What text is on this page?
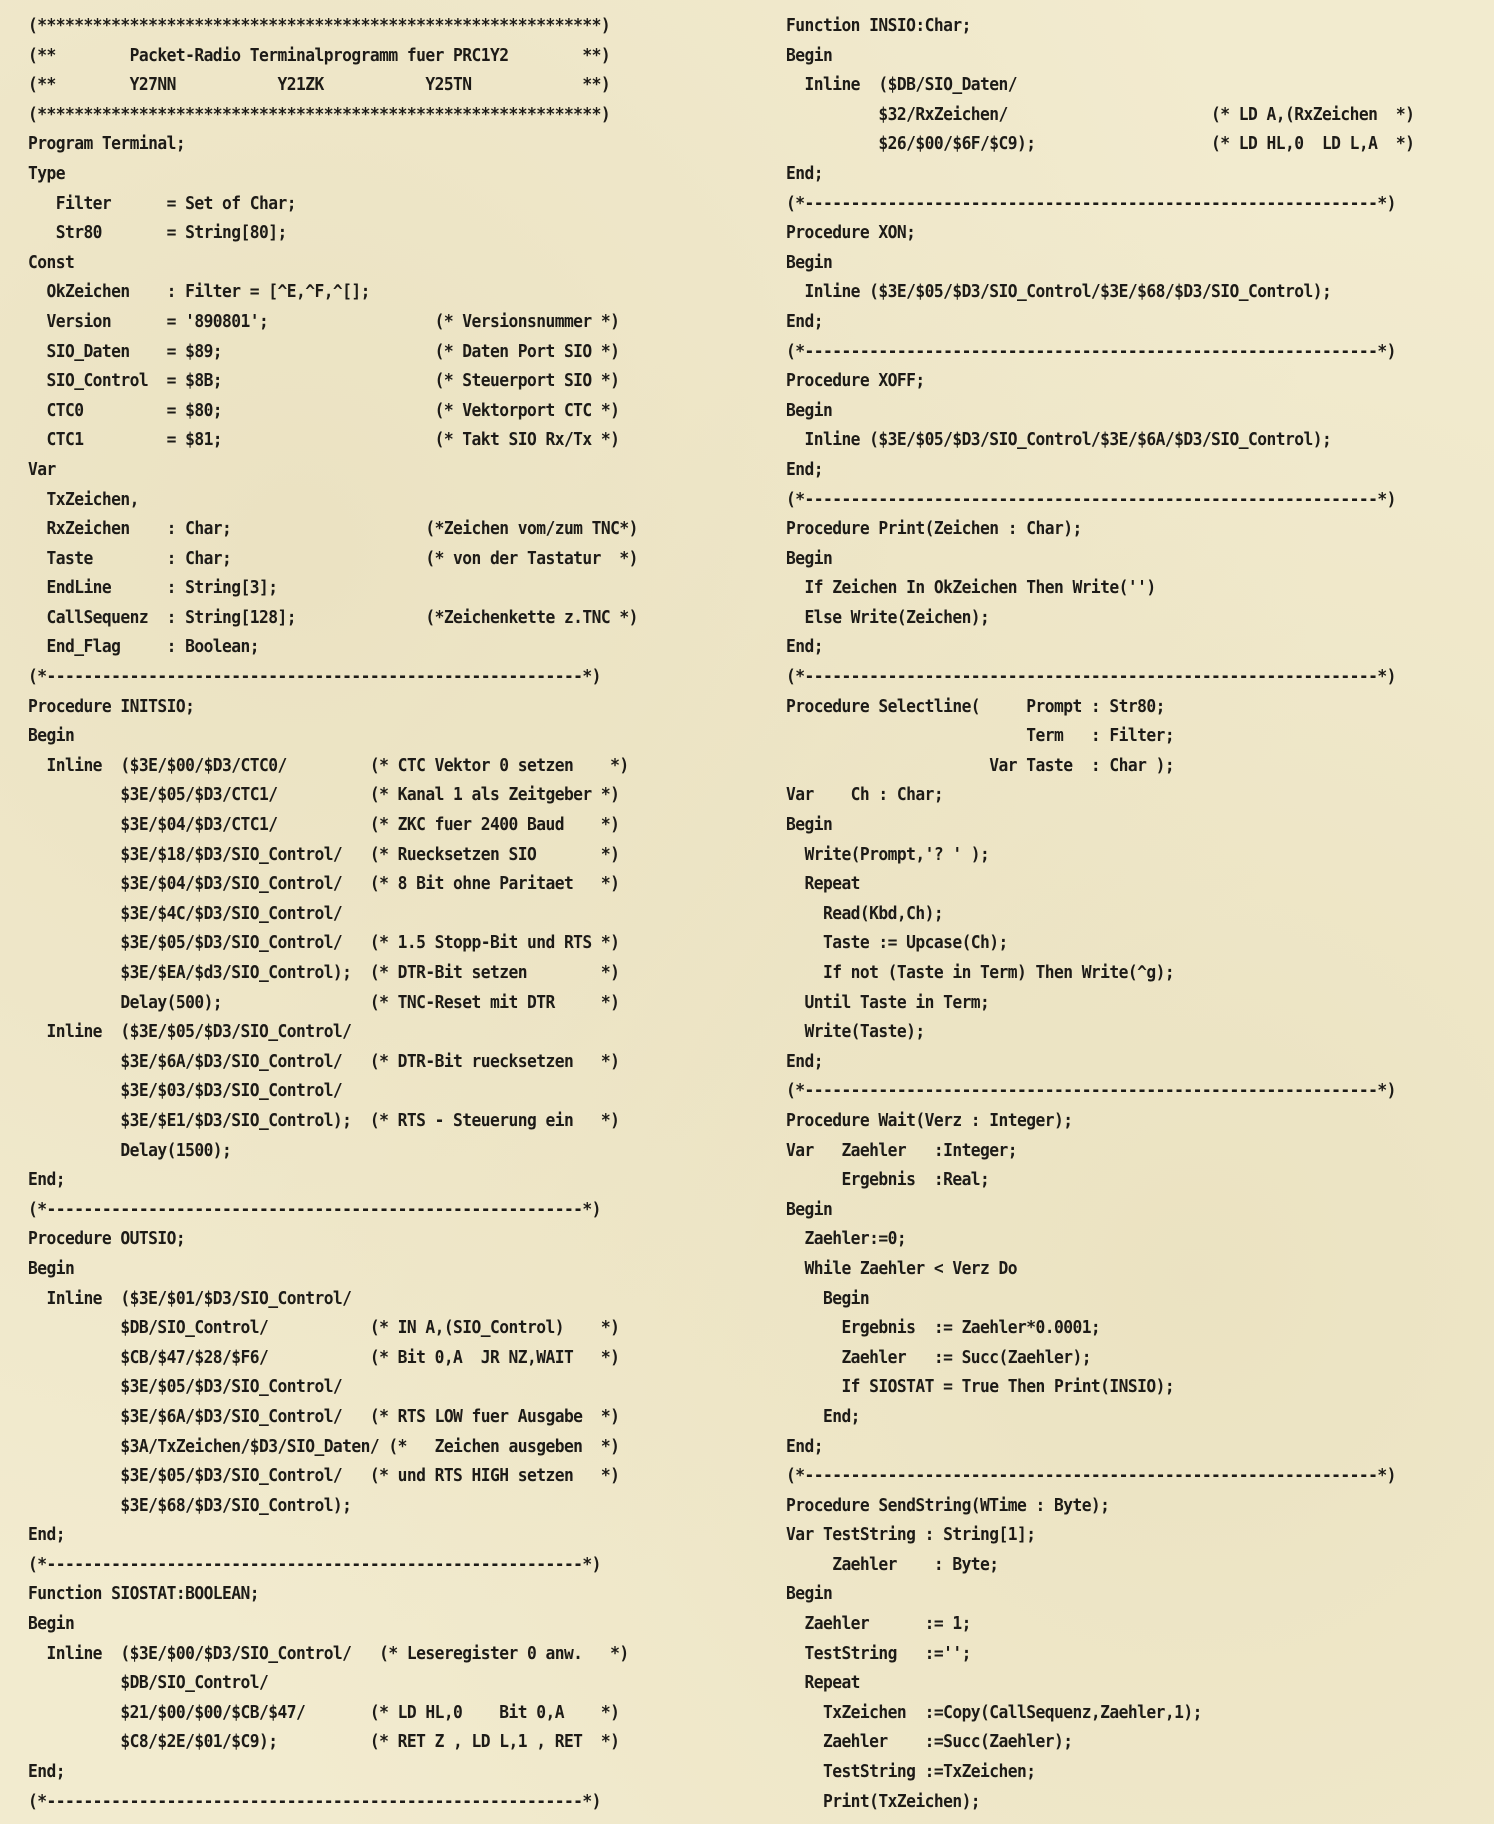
(*************************************************************)
(**        Packet-Radio Terminalprogramm fuer PRC1Y2        **)
(**        Y27NN           Y21ZK           Y25TN            **)
(*************************************************************)
Program Terminal;
Type
Filter      = Set of Char;
Str80       = String[80];
Const
OkZeichen    : Filter = [^E,^F,^[];
Version      = '890801';                  (* Versionsnummer *)
SIO_Daten    = $89;                       (* Daten Port SIO *)
SIO_Control  = $8B;                       (* Steuerport SIO *)
CTC0         = $80;                       (* Vektorport CTC *)
CTC1         = $81;                       (* Takt SIO Rx/Tx *)
Var
TxZeichen,
RxZeichen    : Char;                     (*Zeichen vom/zum TNC*)
Taste        : Char;                     (* von der Tastatur  *)
EndLine      : String[3];
CallSequenz  : String[128];              (*Zeichenkette z.TNC *)
End_Flag     : Boolean;
(*----------------------------------------------------------*)
Procedure INITSIO;
Begin
Inline  ($3E/$00/$D3/CTC0/         (* CTC Vektor 0 setzen    *)
$3E/$05/$D3/CTC1/          (* Kanal 1 als Zeitgeber *)
$3E/$04/$D3/CTC1/          (* ZKC fuer 2400 Baud    *)
$3E/$18/$D3/SIO_Control/   (* Ruecksetzen SIO       *)
$3E/$04/$D3/SIO_Control/   (* 8 Bit ohne Paritaet   *)
$3E/$4C/$D3/SIO_Control/
$3E/$05/$D3/SIO_Control/   (* 1.5 Stopp-Bit und RTS *)
$3E/$EA/$d3/SIO_Control);  (* DTR-Bit setzen        *)
Delay(500);                (* TNC-Reset mit DTR     *)
Inline  ($3E/$05/$D3/SIO_Control/
$3E/$6A/$D3/SIO_Control/   (* DTR-Bit ruecksetzen   *)
$3E/$03/$D3/SIO_Control/
$3E/$E1/$D3/SIO_Control);  (* RTS - Steuerung ein   *)
Delay(1500);
End;
(*----------------------------------------------------------*)
Procedure OUTSIO;
Begin
Inline  ($3E/$01/$D3/SIO_Control/
$DB/SIO_Control/           (* IN A,(SIO_Control)    *)
$CB/$47/$28/$F6/           (* Bit 0,A  JR NZ,WAIT   *)
$3E/$05/$D3/SIO_Control/
$3E/$6A/$D3/SIO_Control/   (* RTS LOW fuer Ausgabe  *)
$3A/TxZeichen/$D3/SIO_Daten/ (*   Zeichen ausgeben  *)
$3E/$05/$D3/SIO_Control/   (* und RTS HIGH setzen   *)
$3E/$68/$D3/SIO_Control);
End;
(*----------------------------------------------------------*)
Function SIOSTAT:BOOLEAN;
Begin
Inline  ($3E/$00/$D3/SIO_Control/   (* Leseregister 0 anw.   *)
$DB/SIO_Control/
$21/$00/$00/$CB/$47/       (* LD HL,0    Bit 0,A    *)
$C8/$2E/$01/$C9);          (* RET Z , LD L,1 , RET  *)
End;
(*----------------------------------------------------------*)
Function INSIO:Char;
Begin
Inline  ($DB/SIO_Daten/
$32/RxZeichen/                      (* LD A,(RxZeichen  *)
$26/$00/$6F/$C9);                   (* LD HL,0  LD L,A  *)
End;
(*--------------------------------------------------------------*)
Procedure XON;
Begin
Inline ($3E/$05/$D3/SIO_Control/$3E/$68/$D3/SIO_Control);
End;
(*--------------------------------------------------------------*)
Procedure XOFF;
Begin
Inline ($3E/$05/$D3/SIO_Control/$3E/$6A/$D3/SIO_Control);
End;
(*--------------------------------------------------------------*)
Procedure Print(Zeichen : Char);
Begin
If Zeichen In OkZeichen Then Write('')
Else Write(Zeichen);
End;
(*--------------------------------------------------------------*)
Procedure Selectline(     Prompt : Str80;
Term   : Filter;
Var Taste  : Char );
Var    Ch : Char;
Begin
Write(Prompt,'? ' );
Repeat
Read(Kbd,Ch);
Taste := Upcase(Ch);
If not (Taste in Term) Then Write(^g);
Until Taste in Term;
Write(Taste);
End;
(*--------------------------------------------------------------*)
Procedure Wait(Verz : Integer);
Var   Zaehler   :Integer;
Ergebnis  :Real;
Begin
Zaehler:=0;
While Zaehler < Verz Do
Begin
Ergebnis  := Zaehler*0.0001;
Zaehler   := Succ(Zaehler);
If SIOSTAT = True Then Print(INSIO);
End;
End;
(*--------------------------------------------------------------*)
Procedure SendString(WTime : Byte);
Var TestString : String[1];
Zaehler    : Byte;
Begin
Zaehler      := 1;
TestString   :='';
Repeat
TxZeichen  :=Copy(CallSequenz,Zaehler,1);
Zaehler    :=Succ(Zaehler);
TestString :=TxZeichen;
Print(TxZeichen);
